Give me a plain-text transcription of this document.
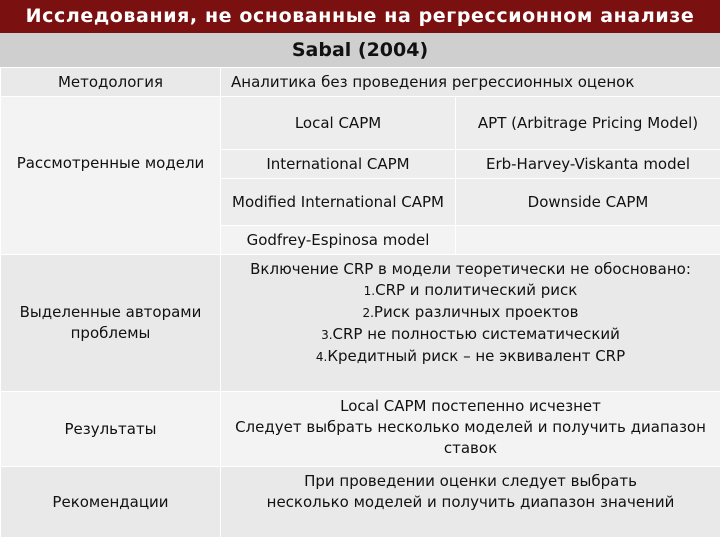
Исследования, не основанные на регрессионном анализе
Sabal (2004)
Методология	Аналитика без проведения регрессионных оценок	
Рассмотренные модели	Local CAPM	APT (Arbitrage Pricing Model)
	International CAPM	Erb-Harvey-Viskanta model
	Modified International CAPM	Downside CAPM
	Godfrey-Espinosa model	
Выделенные авторами проблемы	Включение CRP в модели теоретически не обосновано:
1.CRP и политический риск
2.Риск различных проектов
3.CRP не полностью систематический
4.Кредитный риск – не эквивалент CRP	

Результаты	Local CAPM постепенно исчезнет
Следует выбрать несколько моделей и получить диапазон ставок	

Рекомендации	При проведении оценки следует выбрать несколько моделей и получить диапазон значений	
